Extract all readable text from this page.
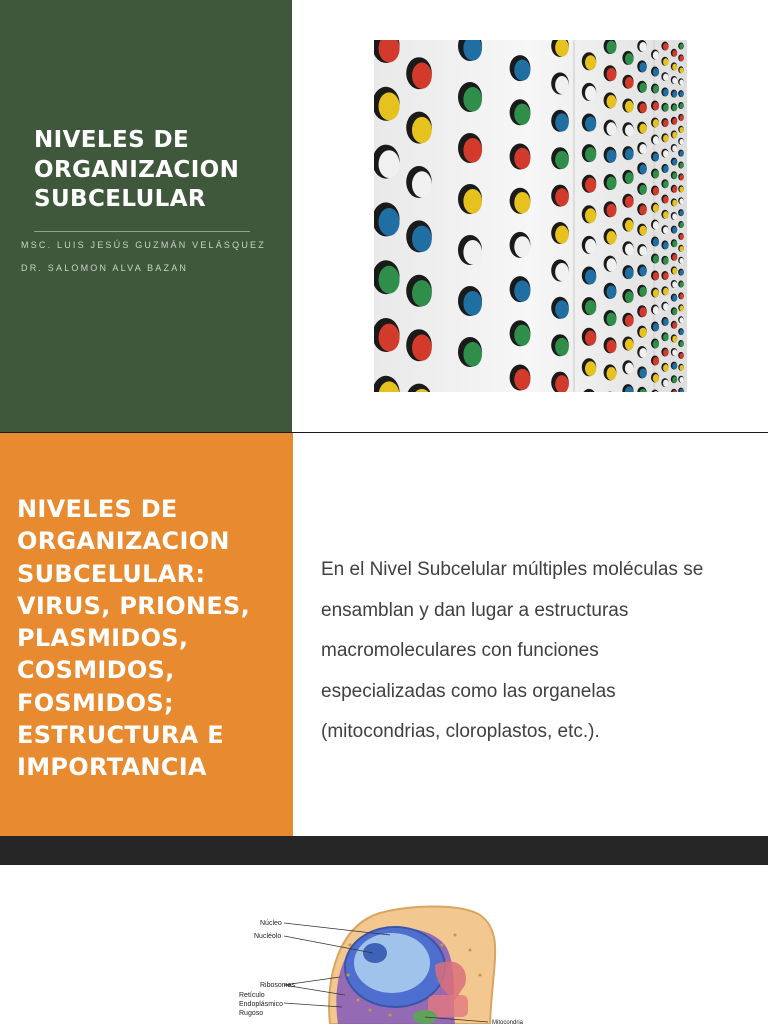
NIVELES DE
ORGANIZACION
SUBCELULAR
MSC. LUIS JESÚS GUZMÁN VELÁSQUEZ
DR. SALOMON ALVA BAZAN
NIVELES DE
ORGANIZACION
SUBCELULAR:
VIRUS, PRIONES,
PLASMIDOS,
COSMIDOS,
FOSMIDOS;
ESTRUCTURA E
IMPORTANCIA
En el Nivel Subcelular múltiples moléculas se
ensamblan y dan lugar a estructuras
macromoleculares con funciones
especializadas como las organelas
(mitocondrias, cloroplastos, etc.).
Núcleo
Nucléolo
Ribosomas
Retículo
Endoplásmico
Rugoso
Mitocondria
